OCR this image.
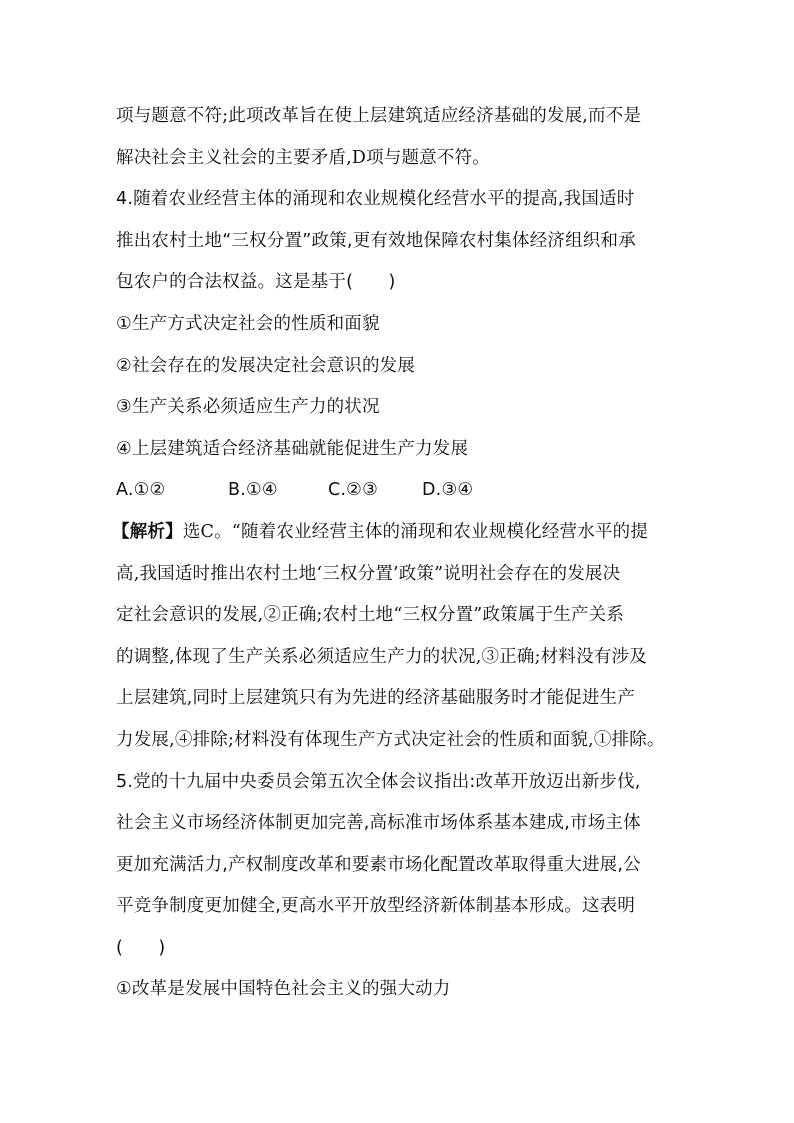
项与题意不符;此项改革旨在使上层建筑适应经济基础的发展,而不是
解决社会主义社会的主要矛盾,D项与题意不符。
4.随着农业经营主体的涌现和农业规模化经营水平的提高,我国适时
推出农村土地“三权分置”政策,更有效地保障农村集体经济组织和承
包农户的合法权益。这是基于(　　)
①生产方式决定社会的性质和面貌
②社会存在的发展决定社会意识的发展
③生产关系必须适应生产力的状况
④上层建筑适合经济基础就能促进生产力发展
A.①②	B.①④	C.②③	D.③④
【解析】选C。“随着农业经营主体的涌现和农业规模化经营水平的提
高,我国适时推出农村土地‘三权分置’政策”说明社会存在的发展决
定社会意识的发展,②正确;农村土地“三权分置”政策属于生产关系
的调整,体现了生产关系必须适应生产力的状况,③正确;材料没有涉及
上层建筑,同时上层建筑只有为先进的经济基础服务时才能促进生产
力发展,④排除;材料没有体现生产方式决定社会的性质和面貌,①排除。
5.党的十九届中央委员会第五次全体会议指出:改革开放迈出新步伐,
社会主义市场经济体制更加完善,高标准市场体系基本建成,市场主体
更加充满活力,产权制度改革和要素市场化配置改革取得重大进展,公
平竞争制度更加健全,更高水平开放型经济新体制基本形成。这表明
(　　)
①改革是发展中国特色社会主义的强大动力
